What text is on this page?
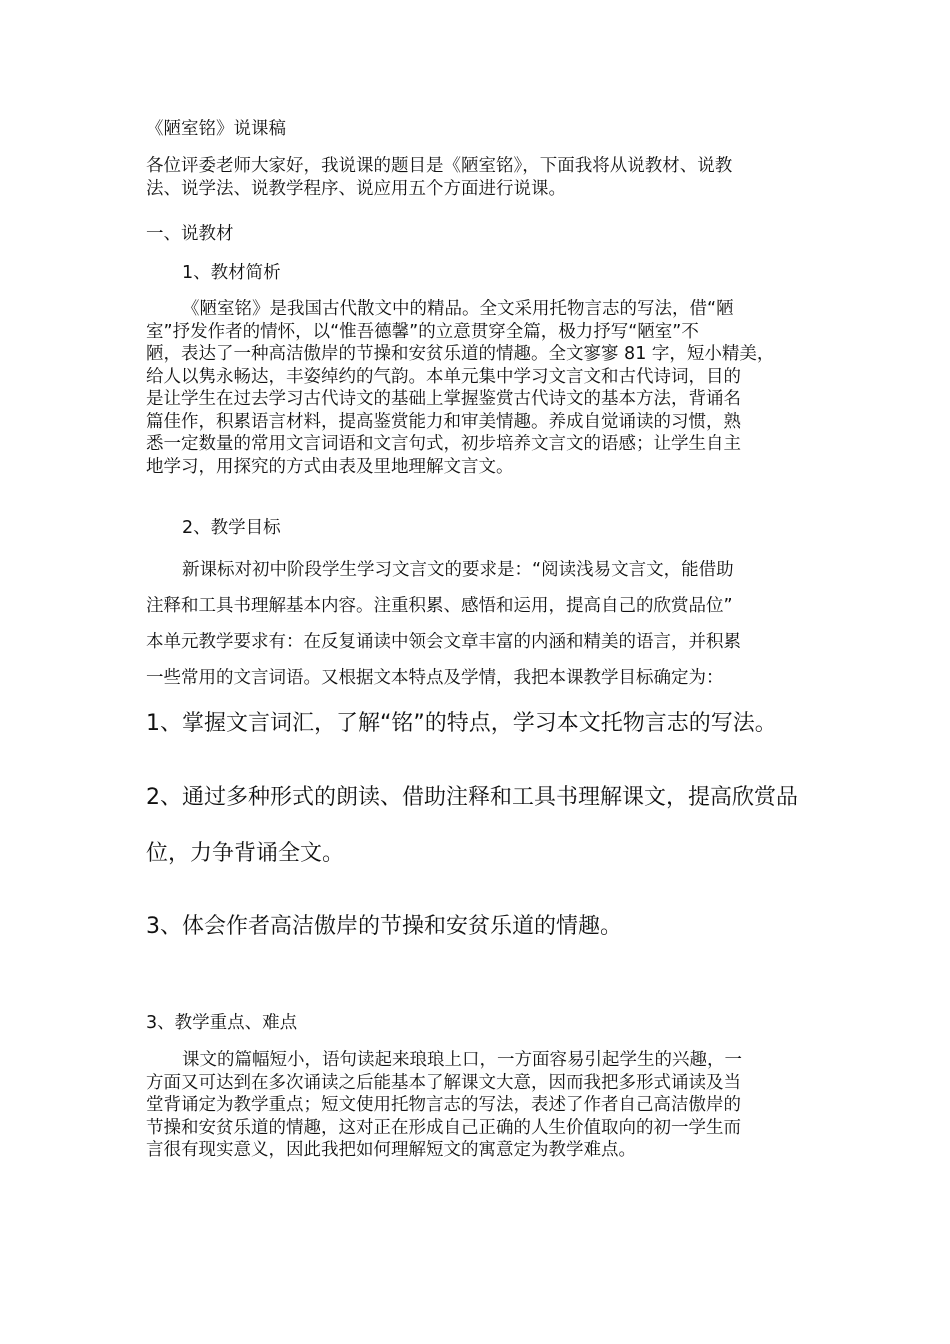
《陋室铭》说课稿

各位评委老师大家好，我说课的题目是《陋室铭》，下面我将从说教材、说教
法、说学法、说教学程序、说应用五个方面进行说课。

一、说教材

1、教材简析

《陋室铭》是我国古代散文中的精品。全文采用托物言志的写法，借“陋
室”抒发作者的情怀，以“惟吾德馨”的立意贯穿全篇，极力抒写“陋室”不
陋，表达了一种高洁傲岸的节操和安贫乐道的情趣。全文寥寥 81 字，短小精美，
给人以隽永畅达，丰姿绰约的气韵。本单元集中学习文言文和古代诗词，目的
是让学生在过去学习古代诗文的基础上掌握鉴赏古代诗文的基本方法，背诵名
篇佳作，积累语言材料，提高鉴赏能力和审美情趣。养成自觉诵读的习惯，熟
悉一定数量的常用文言词语和文言句式，初步培养文言文的语感；让学生自主
地学习，用探究的方式由表及里地理解文言文。

2、教学目标

新课标对初中阶段学生学习文言文的要求是：“阅读浅易文言文，能借助
注释和工具书理解基本内容。注重积累、感悟和运用，提高自己的欣赏品位”
本单元教学要求有：在反复诵读中领会文章丰富的内涵和精美的语言，并积累
一些常用的文言词语。又根据文本特点及学情，我把本课教学目标确定为：

1、掌握文言词汇，了解“铭”的特点，学习本文托物言志的写法。

2、通过多种形式的朗读、借助注释和工具书理解课文，提高欣赏品
位，力争背诵全文。

3、体会作者高洁傲岸的节操和安贫乐道的情趣。

3、教学重点、难点

课文的篇幅短小，语句读起来琅琅上口，一方面容易引起学生的兴趣，一
方面又可达到在多次诵读之后能基本了解课文大意，因而我把多形式诵读及当
堂背诵定为教学重点；短文使用托物言志的写法，表述了作者自己高洁傲岸的
节操和安贫乐道的情趣，这对正在形成自己正确的人生价值取向的初一学生而
言很有现实意义，因此我把如何理解短文的寓意定为教学难点。
